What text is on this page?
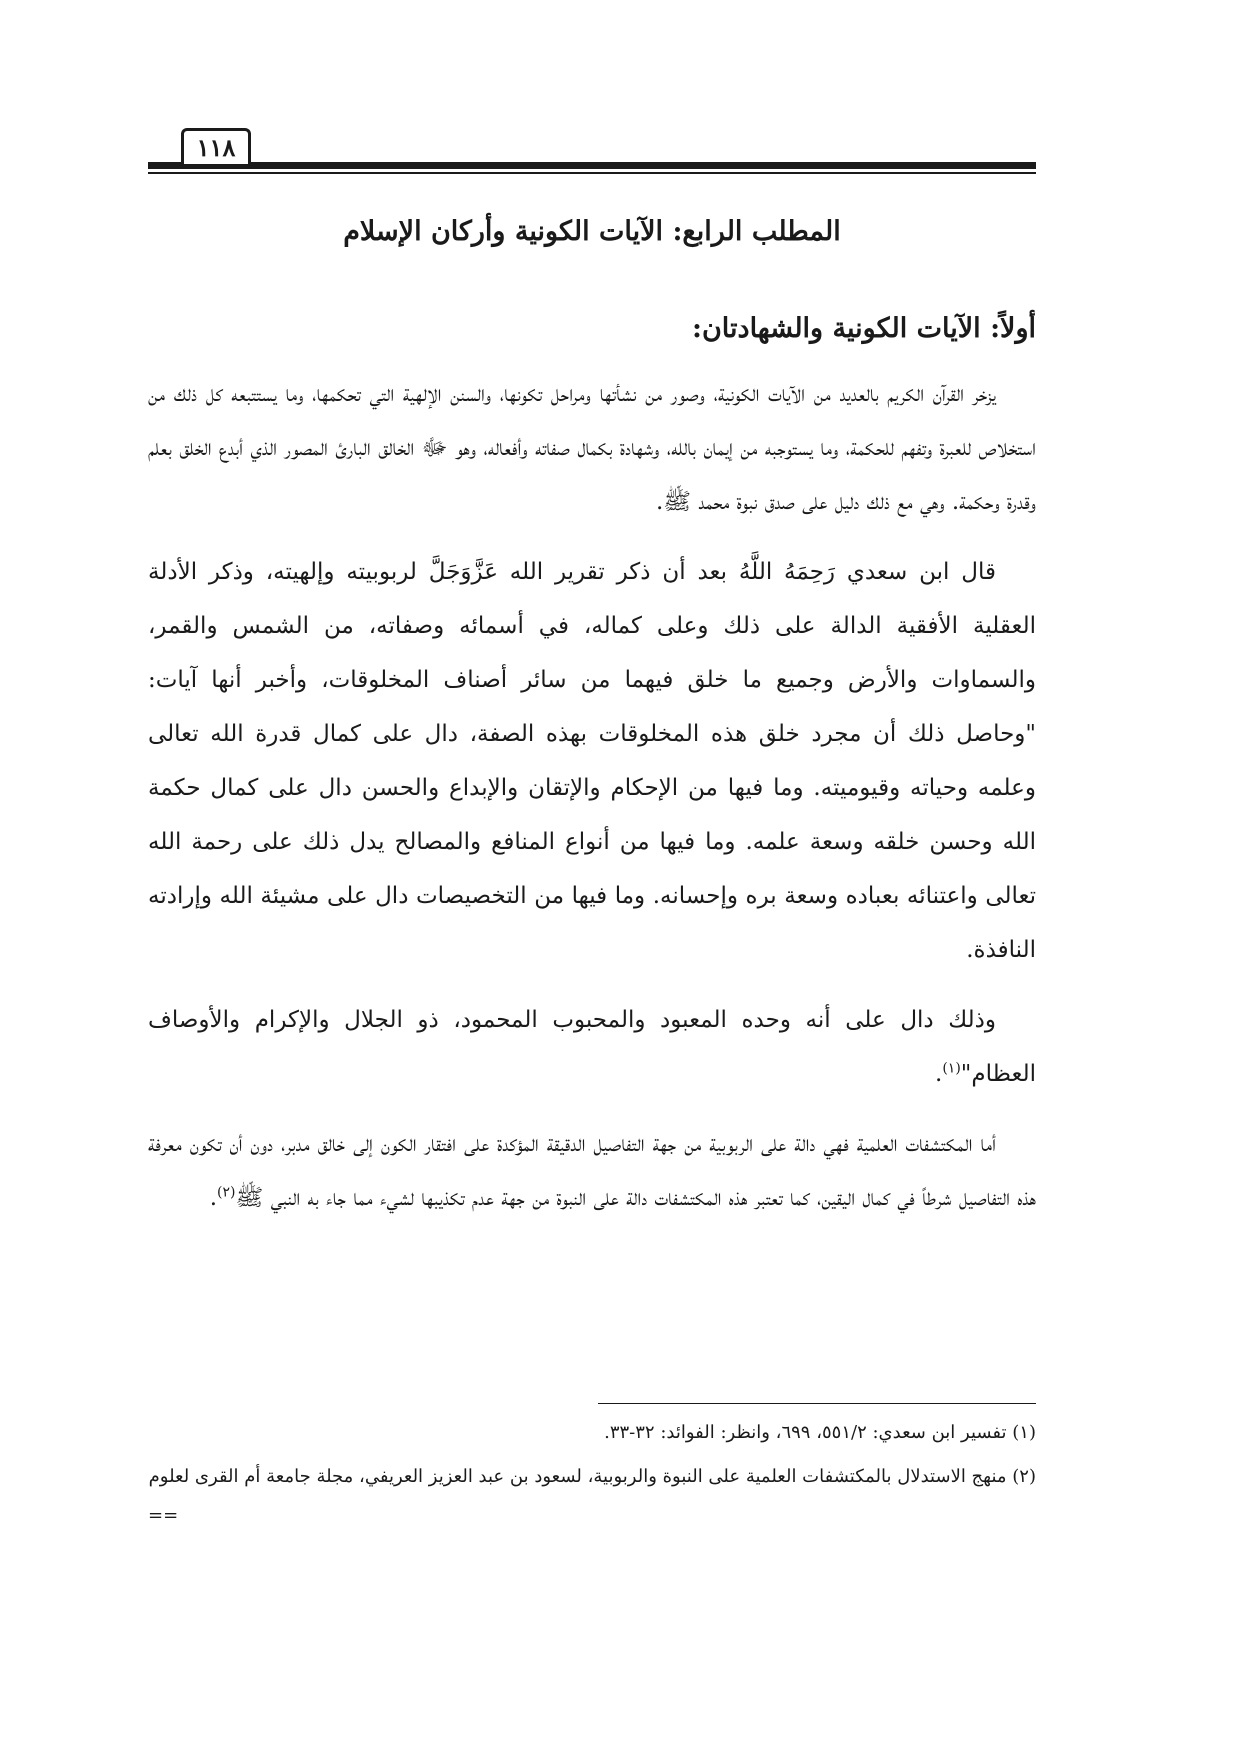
١١٨
المطلب الرابع: الآيات الكونية وأركان الإسلام
أولاً: الآيات الكونية والشهادتان:

يزخر القرآن الكريم بالعديد من الآيات الكونية، وصور من نشأتها ومراحل تكونها، والسنن الإلهية التي تحكمها، وما يستتبعه كل ذلك من استخلاص للعبرة وتفهم للحكمة، وما يستوجبه من إيمان بالله، وشهادة بكمال صفاته وأفعاله، وهو ﷻ الخالق البارئ المصور الذي أبدع الخلق بعلم وقدرة وحكمة. وهي مع ذلك دليل على صدق نبوة محمد ﷺ.

قال ابن سعدي رَحِمَهُ اللَّهُ بعد أن ذكر تقرير الله عَزَّوَجَلَّ لربوبيته وإلهيته، وذكر الأدلة العقلية الأفقية الدالة على ذلك وعلى كماله، في أسمائه وصفاته، من الشمس والقمر، والسماوات والأرض وجميع ما خلق فيهما من سائر أصناف المخلوقات، وأخبر أنها آيات: "وحاصل ذلك أن مجرد خلق هذه المخلوقات بهذه الصفة، دال على كمال قدرة الله تعالى وعلمه وحياته وقيوميته. وما فيها من الإحكام والإتقان والإبداع والحسن دال على كمال حكمة الله وحسن خلقه وسعة علمه. وما فيها من أنواع المنافع والمصالح يدل ذلك على رحمة الله تعالى واعتنائه بعباده وسعة بره وإحسانه. وما فيها من التخصيصات دال على مشيئة الله وإرادته النافذة.

وذلك دال على أنه وحده المعبود والمحبوب المحمود، ذو الجلال والإكرام والأوصاف العظام"$^{(١)}$.

أما المكتشفات العلمية فهي دالة على الربوبية من جهة التفاصيل الدقيقة المؤكدة على افتقار الكون إلى خالق مدبر، دون أن تكون معرفة هذه التفاصيل شرطاً في كمال اليقين، كما تعتبر هذه المكتشفات دالة على النبوة من جهة عدم تكذيبها لشيء مما جاء به النبي ﷺ$^{(٢)}$.

(١) تفسير ابن سعدي: ٥٥١/٢، ٦٩٩، وانظر: الفوائد: ٣٢-٣٣.

(٢) منهج الاستدلال بالمكتشفات العلمية على النبوة والربوبية، لسعود بن عبد العزيز العريفي، مجلة جامعة أم القرى لعلوم

==
